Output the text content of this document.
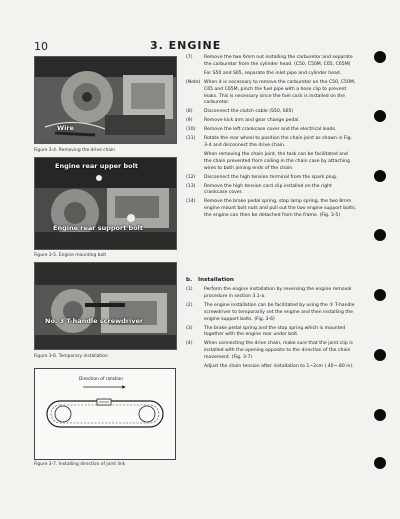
10	3. ENGINE
Wire
Figure 3-4. Removing the drive chain
Engine rear upper bolt
Engine rear support bolt
Figure 3-5. Engine mounting bolt
No. 3 T-handle screwdriver
Figure 3-6. Temporary installation
Direction of rotation
Figure 3-7. Installing direction of joint link
(7) Remove the two 6mm nut installing the carburetor and separate the carburetor from the cylinder head. (C50, C50M, C65, C65M)
For S50 and S65, separate the inlet pipe and cylinder head.
(Note) When it is necessary to remove the carburetor on the C50, C50M, C65 and C65M, pinch the fuel pipe with a hose clip to prevent leaks. This is necessary since the fuel cock is installed on the carburetor.
(8) Disconnect the clutch cable (S50, S65)
(9) Remove kick arm and gear change pedal.
(10) Remove the left crankcase cover and the electrical leads.
(11) Rotate the rear wheel to position the chain joint as shown in Fig. 3-4 and disconnect the drive chain.
When removing the chain joint, the task can be facilitated and the chain prevented from coiling in the chain case by attaching wires to both joining ends of the chain.
(12) Disconnect the high tension terminal from the spark plug.
(13) Remove the high tension cord clip installed on the right crankcase cover.
(14) Remove the brake pedal spring, stop lamp spring, the two 8mm engine mount bolt nuts and pull out the two engine support bolts; the engine can then be detached from the frame. (Fig. 3-5)
b. Installation
(1) Perform the engine installation by reversing the engine removal procedure in section 3.1-a.
(2) The engine installation can be facilitated by using the ③ T-handle screwdriver to temporarily set the engine and then installing the engine support bolts. (Fig. 3-6)
(3) The brake pedal spring and the stop spring which is mounted together with the engine rear under bolt.
(4) When connecting the drive chain, make sure that the joint clip is installed with the opening opposite to the direction of the chain movement. (Fig. 3-7)
Adjust the chain tension after installation to 1~2cm (.40~.80 in).
